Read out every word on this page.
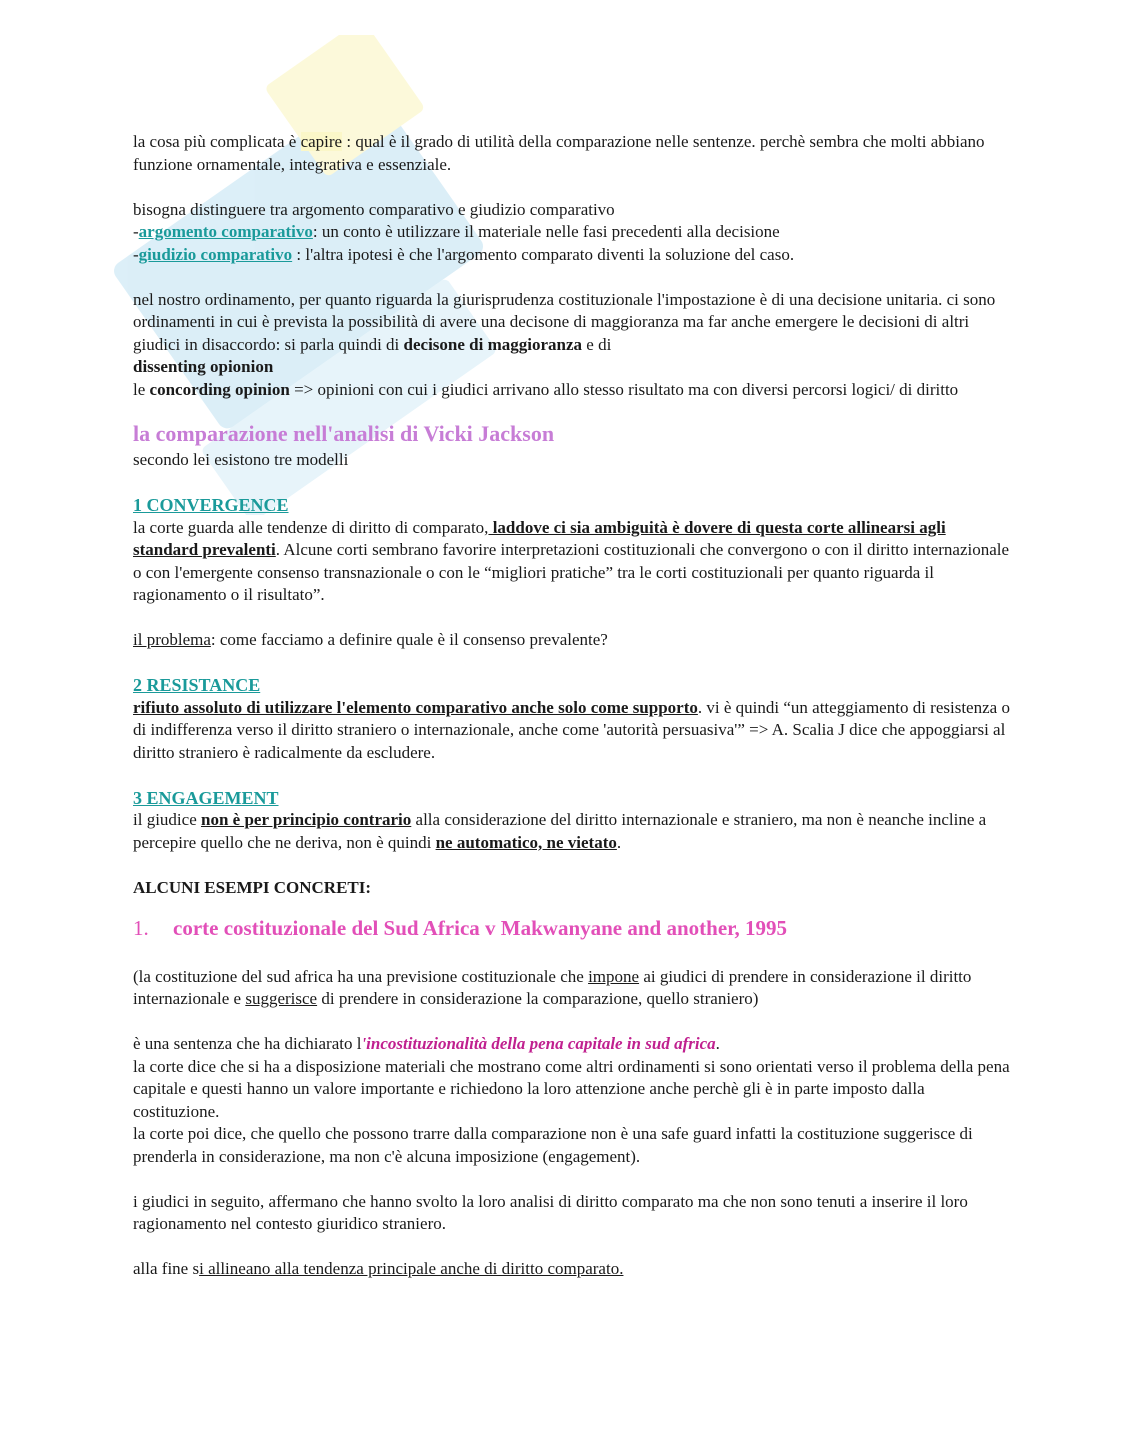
la cosa più complicata è capire : qual è il grado di utilità della comparazione nelle sentenze. perchè sembra che molti abbiano funzione ornamentale, integrativa e essenziale.

bisogna distinguere tra argomento comparativo e giudizio comparativo
-argomento comparativo: un conto è utilizzare il materiale nelle fasi precedenti alla decisione
-giudizio comparativo : l'altra ipotesi è che l'argomento comparato diventi la soluzione del caso.

nel nostro ordinamento, per quanto riguarda la giurisprudenza costituzionale l'impostazione è di una decisione unitaria. ci sono ordinamenti in cui è prevista la possibilità di avere una decisone di maggioranza ma far anche emergere le decisioni di altri giudici in disaccordo: si parla quindi di decisone di maggioranza e di
dissenting opionion
le concording opinion => opinioni con cui i giudici arrivano allo stesso risultato ma con diversi percorsi logici/ di diritto

la comparazione nell'analisi di Vicki Jackson

secondo lei esistono tre modelli

1 CONVERGENCE

la corte guarda alle tendenze di diritto di comparato, laddove ci sia ambiguità è dovere di questa corte allinearsi agli standard prevalenti. Alcune corti sembrano favorire interpretazioni costituzionali che convergono o con il diritto internazionale o con l'emergente consenso transnazionale o con le “migliori pratiche” tra le corti costituzionali per quanto riguarda il ragionamento o il risultato”.

il problema: come facciamo a definire quale è il consenso prevalente?

2 RESISTANCE

rifiuto assoluto di utilizzare l'elemento comparativo anche solo come supporto. vi è quindi “un atteggiamento di resistenza o di indifferenza verso il diritto straniero o internazionale, anche come 'autorità persuasiva'” => A. Scalia J dice che appoggiarsi al diritto straniero è radicalmente da escludere.

3 ENGAGEMENT

il giudice non è per principio contrario alla considerazione del diritto internazionale e straniero, ma non è neanche incline a percepire quello che ne deriva, non è quindi ne automatico, ne vietato.

ALCUNI ESEMPI CONCRETI:

1. corte costituzionale del Sud Africa v Makwanyane and another, 1995

(la costituzione del sud africa ha una previsione costituzionale che impone ai giudici di prendere in considerazione il diritto internazionale e suggerisce di prendere in considerazione la comparazione, quello straniero)

è una sentenza che ha dichiarato l'incostituzionalità della pena capitale in sud africa.
la corte dice che si ha a disposizione materiali che mostrano come altri ordinamenti si sono orientati verso il problema della pena capitale e questi hanno un valore importante e richiedono la loro attenzione anche perchè gli è in parte imposto dalla costituzione.
la corte poi dice, che quello che possono trarre dalla comparazione non è una safe guard infatti la costituzione suggerisce di prenderla in considerazione, ma non c'è alcuna imposizione (engagement).

i giudici in seguito, affermano che hanno svolto la loro analisi di diritto comparato ma che non sono tenuti a inserire il loro ragionamento nel contesto giuridico straniero.

alla fine si allineano alla tendenza principale anche di diritto comparato.
